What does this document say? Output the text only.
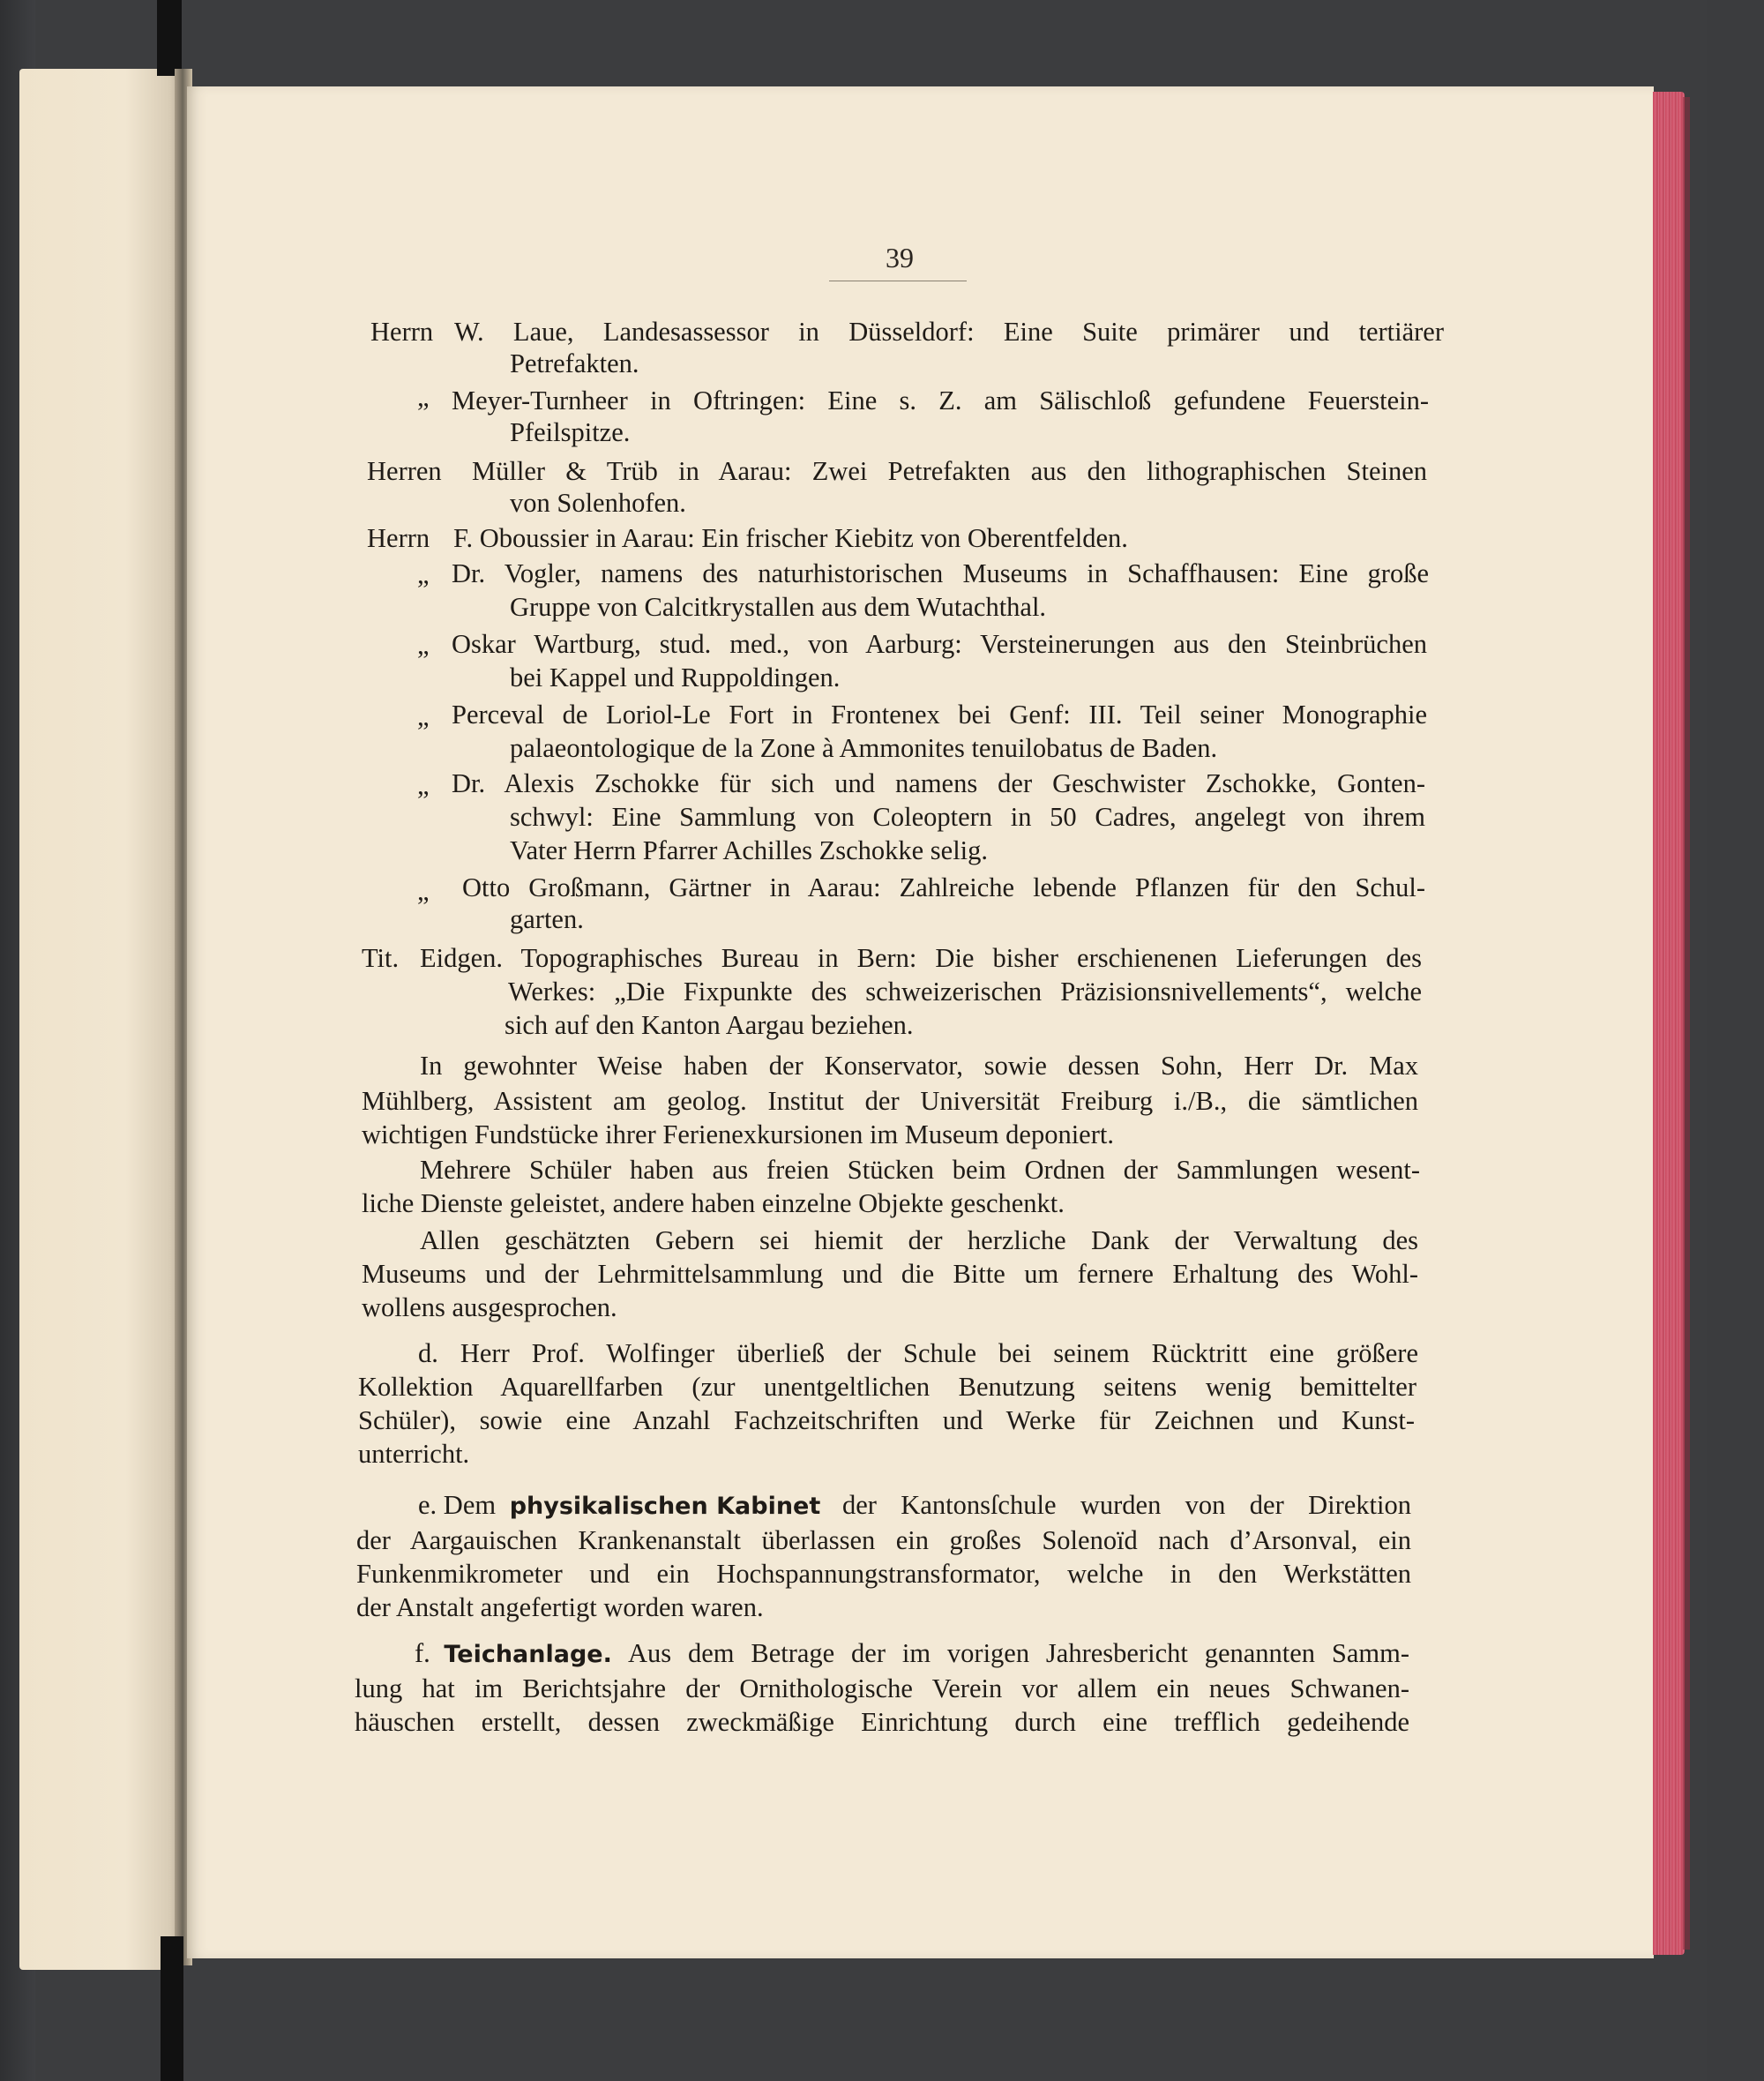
39
Herrn W. Laue, Landesassessor in Düsseldorf: Eine Suite primärer und tertiärer
Petrefakten.
„ Meyer-Turnheer in Oftringen: Eine s. Z. am Sälischloß gefundene Feuerstein-
Pfeilspitze.
Herren Müller & Trüb in Aarau: Zwei Petrefakten aus den lithographischen Steinen
von Solenhofen.
Herrn F. Oboussier in Aarau: Ein frischer Kiebitz von Oberentfelden.
„ Dr. Vogler, namens des naturhistorischen Museums in Schaffhausen: Eine große
Gruppe von Calcitkrystallen aus dem Wutachthal.
„ Oskar Wartburg, stud. med., von Aarburg: Versteinerungen aus den Steinbrüchen
bei Kappel und Ruppoldingen.
„ Perceval de Loriol-Le Fort in Frontenex bei Genf: III. Teil seiner Monographie
palaeontologique de la Zone à Ammonites tenuilobatus de Baden.
„ Dr. Alexis Zschokke für sich und namens der Geschwister Zschokke, Gonten-
schwyl: Eine Sammlung von Coleoptern in 50 Cadres, angelegt von ihrem
Vater Herrn Pfarrer Achilles Zschokke selig.
„ Otto Großmann, Gärtner in Aarau: Zahlreiche lebende Pflanzen für den Schul-
garten.
Tit. Eidgen. Topographisches Bureau in Bern: Die bisher erschienenen Lieferungen des
Werkes: „Die Fixpunkte des schweizerischen Präzisionsnivellements“, welche
sich auf den Kanton Aargau beziehen.
In gewohnter Weise haben der Konservator, sowie dessen Sohn, Herr Dr. Max
Mühlberg, Assistent am geolog. Institut der Universität Freiburg i./B., die sämtlichen
wichtigen Fundstücke ihrer Ferienexkursionen im Museum deponiert.
Mehrere Schüler haben aus freien Stücken beim Ordnen der Sammlungen wesent-
liche Dienste geleistet, andere haben einzelne Objekte geschenkt.
Allen geschätzten Gebern sei hiemit der herzliche Dank der Verwaltung des
Museums und der Lehrmittelsammlung und die Bitte um fernere Erhaltung des Wohl-
wollens ausgesprochen.
d. Herr Prof. Wolfinger überließ der Schule bei seinem Rücktritt eine größere
Kollektion Aquarellfarben (zur unentgeltlichen Benutzung seitens wenig bemittelter
Schüler), sowie eine Anzahl Fachzeitschriften und Werke für Zeichnen und Kunst-
unterricht.
e. Dem physikalischen Kabinet der Kantonsſchule wurden von der Direktion
der Aargauischen Krankenanstalt überlassen ein großes Solenoïd nach d’Arsonval, ein
Funkenmikrometer und ein Hochspannungstransformator, welche in den Werkstätten
der Anstalt angefertigt worden waren.
f. Teichanlage. Aus dem Betrage der im vorigen Jahresbericht genannten Samm-
lung hat im Berichtsjahre der Ornithologische Verein vor allem ein neues Schwanen-
häuschen erstellt, dessen zweckmäßige Einrichtung durch eine trefflich gedeihende
